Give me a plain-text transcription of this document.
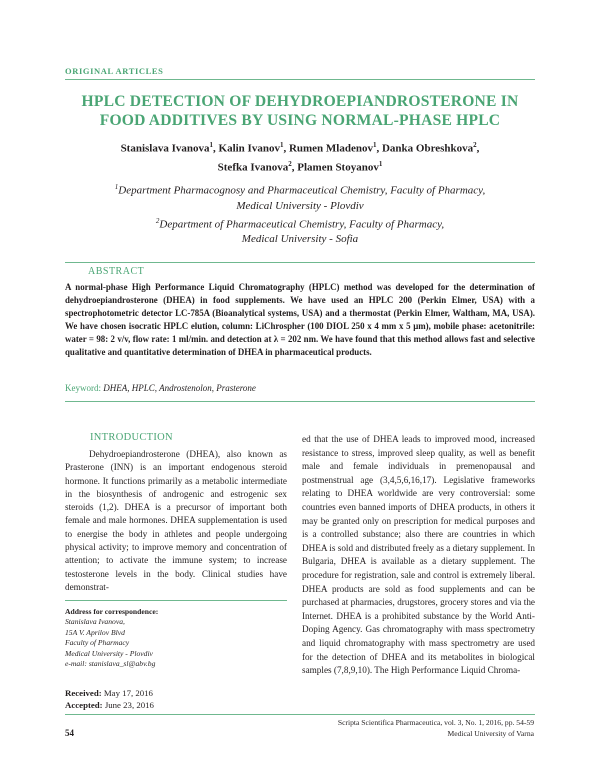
ORIGINAL ARTICLES
HPLC DETECTION OF DEHYDROEPIANDROSTERONE IN
FOOD ADDITIVES BY USING NORMAL-PHASE HPLC
Stanislava Ivanova$^1$, Kalin Ivanov$^1$, Rumen Mladenov$^1$, Danka Obreshkova$^2$,
Stefka Ivanova$^2$, Plamen Stoyanov$^1$
$^1$Department Pharmacognosy and Pharmaceutical Chemistry, Faculty of Pharmacy,
Medical University - Plovdiv
$^2$Department of Pharmaceutical Chemistry, Faculty of Pharmacy,
Medical University - Sofia
ABSTRACT
A normal-phase High Performance Liquid Chromatography (HPLC) method was developed for the determination of dehydroepiandrosterone (DHEA) in food supplements. We have used an HPLC 200 (Perkin Elmer, USA) with a spectrophotometric detector LC-785A (Bioanalytical systems, USA) and a thermostat (Perkin Elmer, Waltham, MA, USA). We have chosen isocratic HPLC elution, column: LiChrospher (100 DIOL 250 x 4 mm x 5 μm), mobile phase: acetonitrile: water = 98: 2 v/v, flow rate: 1 ml/min. and detection at λ = 202 nm. We have found that this method allows fast and selective qualitative and quantitative determination of DHEA in pharmaceutical products.
Keyword: DHEA, HPLC, Androstenolon, Prasterone
INTRODUCTION

Dehydroepiandrosterone (DHEA), also known as Prasterone (INN) is an important endogenous steroid hormone. It functions primarily as a metabolic intermediate in the biosynthesis of androgenic and estrogenic sex steroids (1,2). DHEA is a precursor of important both female and male hormones. DHEA supplementation is used to energise the body in athletes and people undergoing physical activity; to improve memory and concentration of attention; to activate the immune system; to increase testosterone levels in the body. Clinical studies have demonstrat-

ed that the use of DHEA leads to improved mood, increased resistance to stress, improved sleep quality, as well as benefit male and female individuals in premenopausal and postmenstrual age (3,4,5,6,16,17). Legislative frameworks relating to DHEA worldwide are very controversial: some countries even banned imports of DHEA products, in others it may be granted only on prescription for medical purposes and is a controlled substance; also there are countries in which DHEA is sold and distributed freely as a dietary supplement. In Bulgaria, DHEA is available as a dietary supplement. The procedure for registration, sale and control is extremely liberal. DHEA products are sold as food supplements and can be purchased at pharmacies, drugstores, grocery stores and via the Internet. DHEA is a prohibited substance by the World Anti-Doping Agency. Gas chromatography with mass spectrometry and liquid chromatography with mass spectrometry are used for the detection of DHEA and its metabolites in biological samples (7,8,9,10). The High Performance Liquid Chroma-

Address for correspondence:
Stanislava Ivanova,
15A V. Aprilov Blvd
Faculty of Pharmacy
Medical University - Plovdiv
e-mail: stanislava_sl@abv.bg
Received: May 17, 2016
Accepted: June 23, 2016
54
Scripta Scientifica Pharmaceutica, vol. 3, No. 1, 2016, pp. 54-59
Medical University of Varna
